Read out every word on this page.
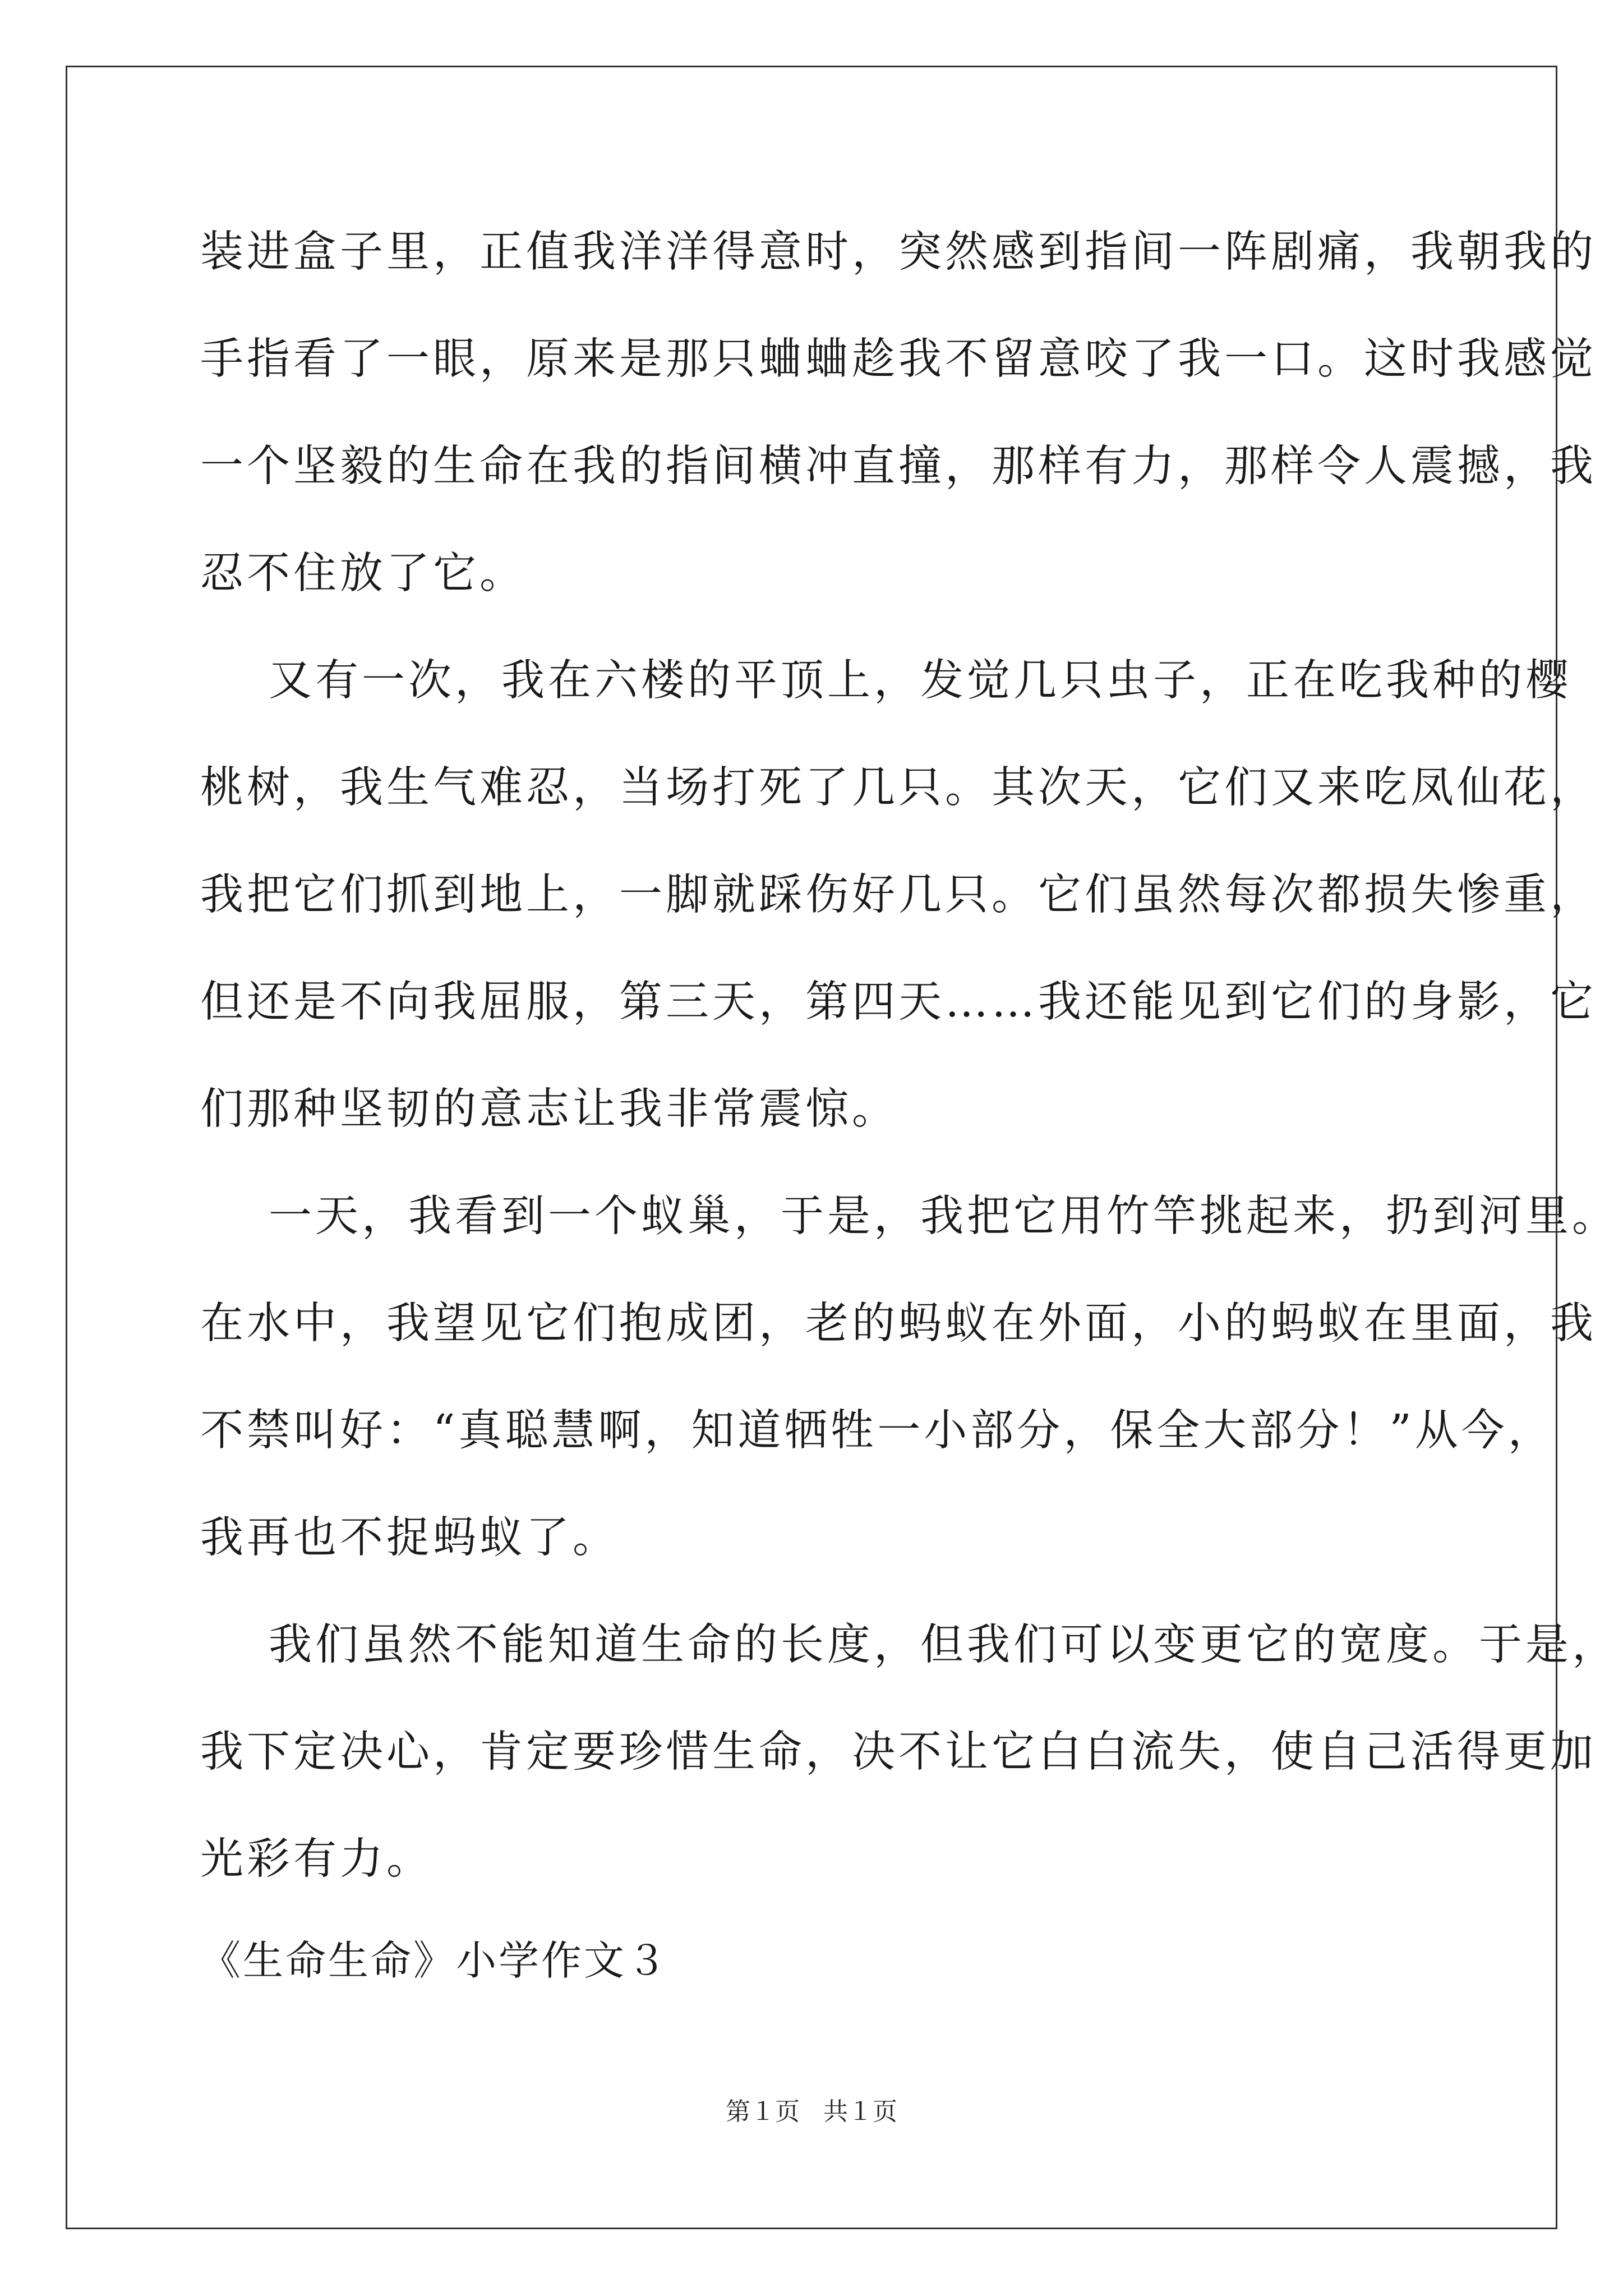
装进盒子里，正值我洋洋得意时，突然感到指间一阵剧痛，我朝我的
手指看了一眼，原来是那只蛐蛐趁我不留意咬了我一口。这时我感觉
一个坚毅的生命在我的指间横冲直撞，那样有力，那样令人震撼，我
忍不住放了它。
又有一次，我在六楼的平顶上，发觉几只虫子，正在吃我种的樱
桃树，我生气难忍，当场打死了几只。其次天，它们又来吃凤仙花，
我把它们抓到地上，一脚就踩伤好几只。它们虽然每次都损失惨重，
但还是不向我屈服，第三天，第四天……我还能见到它们的身影，它
们那种坚韧的意志让我非常震惊。
一天，我看到一个蚁巢，于是，我把它用竹竿挑起来，扔到河里。
在水中，我望见它们抱成团，老的蚂蚁在外面，小的蚂蚁在里面，我
不禁叫好：“真聪慧啊，知道牺牲一小部分，保全大部分！”从今，
我再也不捉蚂蚁了。
我们虽然不能知道生命的长度，但我们可以变更它的宽度。于是，
我下定决心，肯定要珍惜生命，决不让它白白流失，使自己活得更加
光彩有力。
《生命生命》小学作文３
第１页 共１页
